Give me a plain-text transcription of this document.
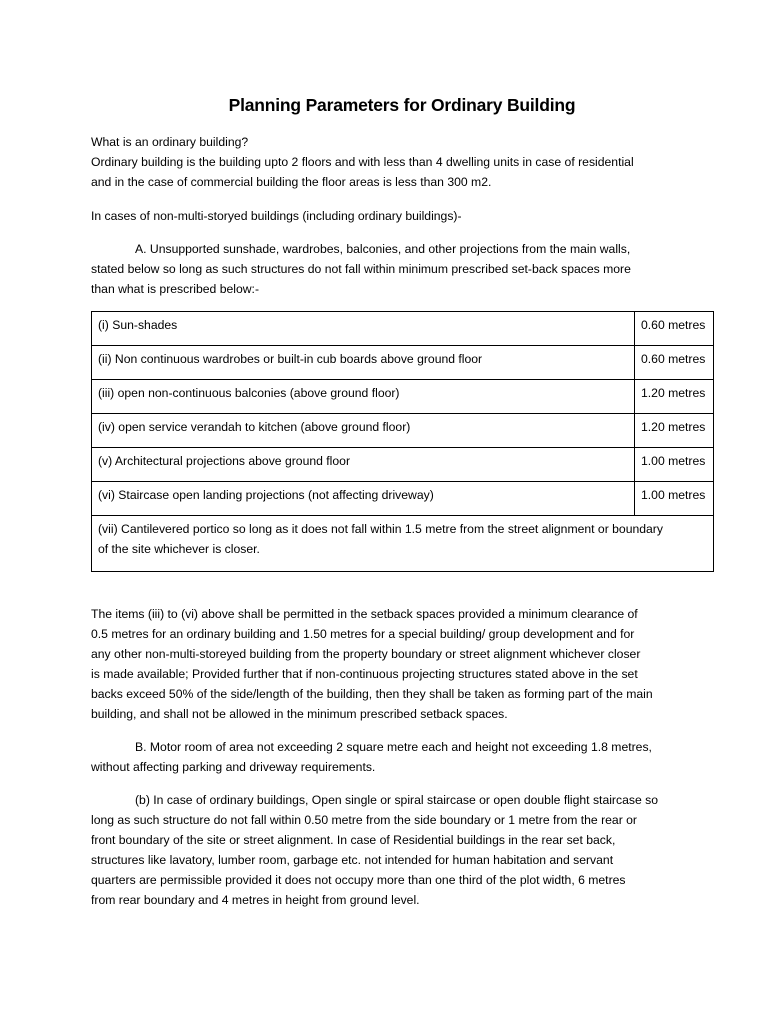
Planning Parameters for Ordinary Building

What is an ordinary building?

Ordinary building is the building upto 2 floors and with less than 4 dwelling units in case of residential

and in the case of commercial building the floor areas is less than 300 m2.

In cases of non-multi-storyed buildings (including ordinary buildings)-

A. Unsupported sunshade, wardrobes, balconies, and other projections from the main walls,

stated below so long as such structures do not fall within minimum prescribed set-back spaces more

than what is prescribed below:-

(i) Sun-shades	0.60 metres
(ii) Non continuous wardrobes or built-in cub boards above ground floor	0.60 metres
(iii) open non-continuous balconies (above ground floor)	1.20 metres
(iv) open service verandah to kitchen (above ground floor)	1.20 metres
(v) Architectural projections above ground floor	1.00 metres
(vi) Staircase open landing projections (not affecting driveway)	1.00 metres

(vii) Cantilevered portico so long as it does not fall within 1.5 metre from the street alignment or boundary
of the site whichever is closer.	

The items (iii) to (vi) above shall be permitted in the setback spaces provided a minimum clearance of

0.5 metres for an ordinary building and 1.50 metres for a special building/ group development and for

any other non-multi-storeyed building from the property boundary or street alignment whichever closer

is made available; Provided further that if non-continuous projecting structures stated above in the set

backs exceed 50% of the side/length of the building, then they shall be taken as forming part of the main

building, and shall not be allowed in the minimum prescribed setback spaces.

B. Motor room of area not exceeding 2 square metre each and height not exceeding 1.8 metres,

without affecting parking and driveway requirements.

(b) In case of ordinary buildings, Open single or spiral staircase or open double flight staircase so

long as such structure do not fall within 0.50 metre from the side boundary or 1 metre from the rear or

front boundary of the site or street alignment. In case of Residential buildings in the rear set back,

structures like lavatory, lumber room, garbage etc. not intended for human habitation and servant

quarters are permissible provided it does not occupy more than one third of the plot width, 6 metres

from rear boundary and 4 metres in height from ground level.
